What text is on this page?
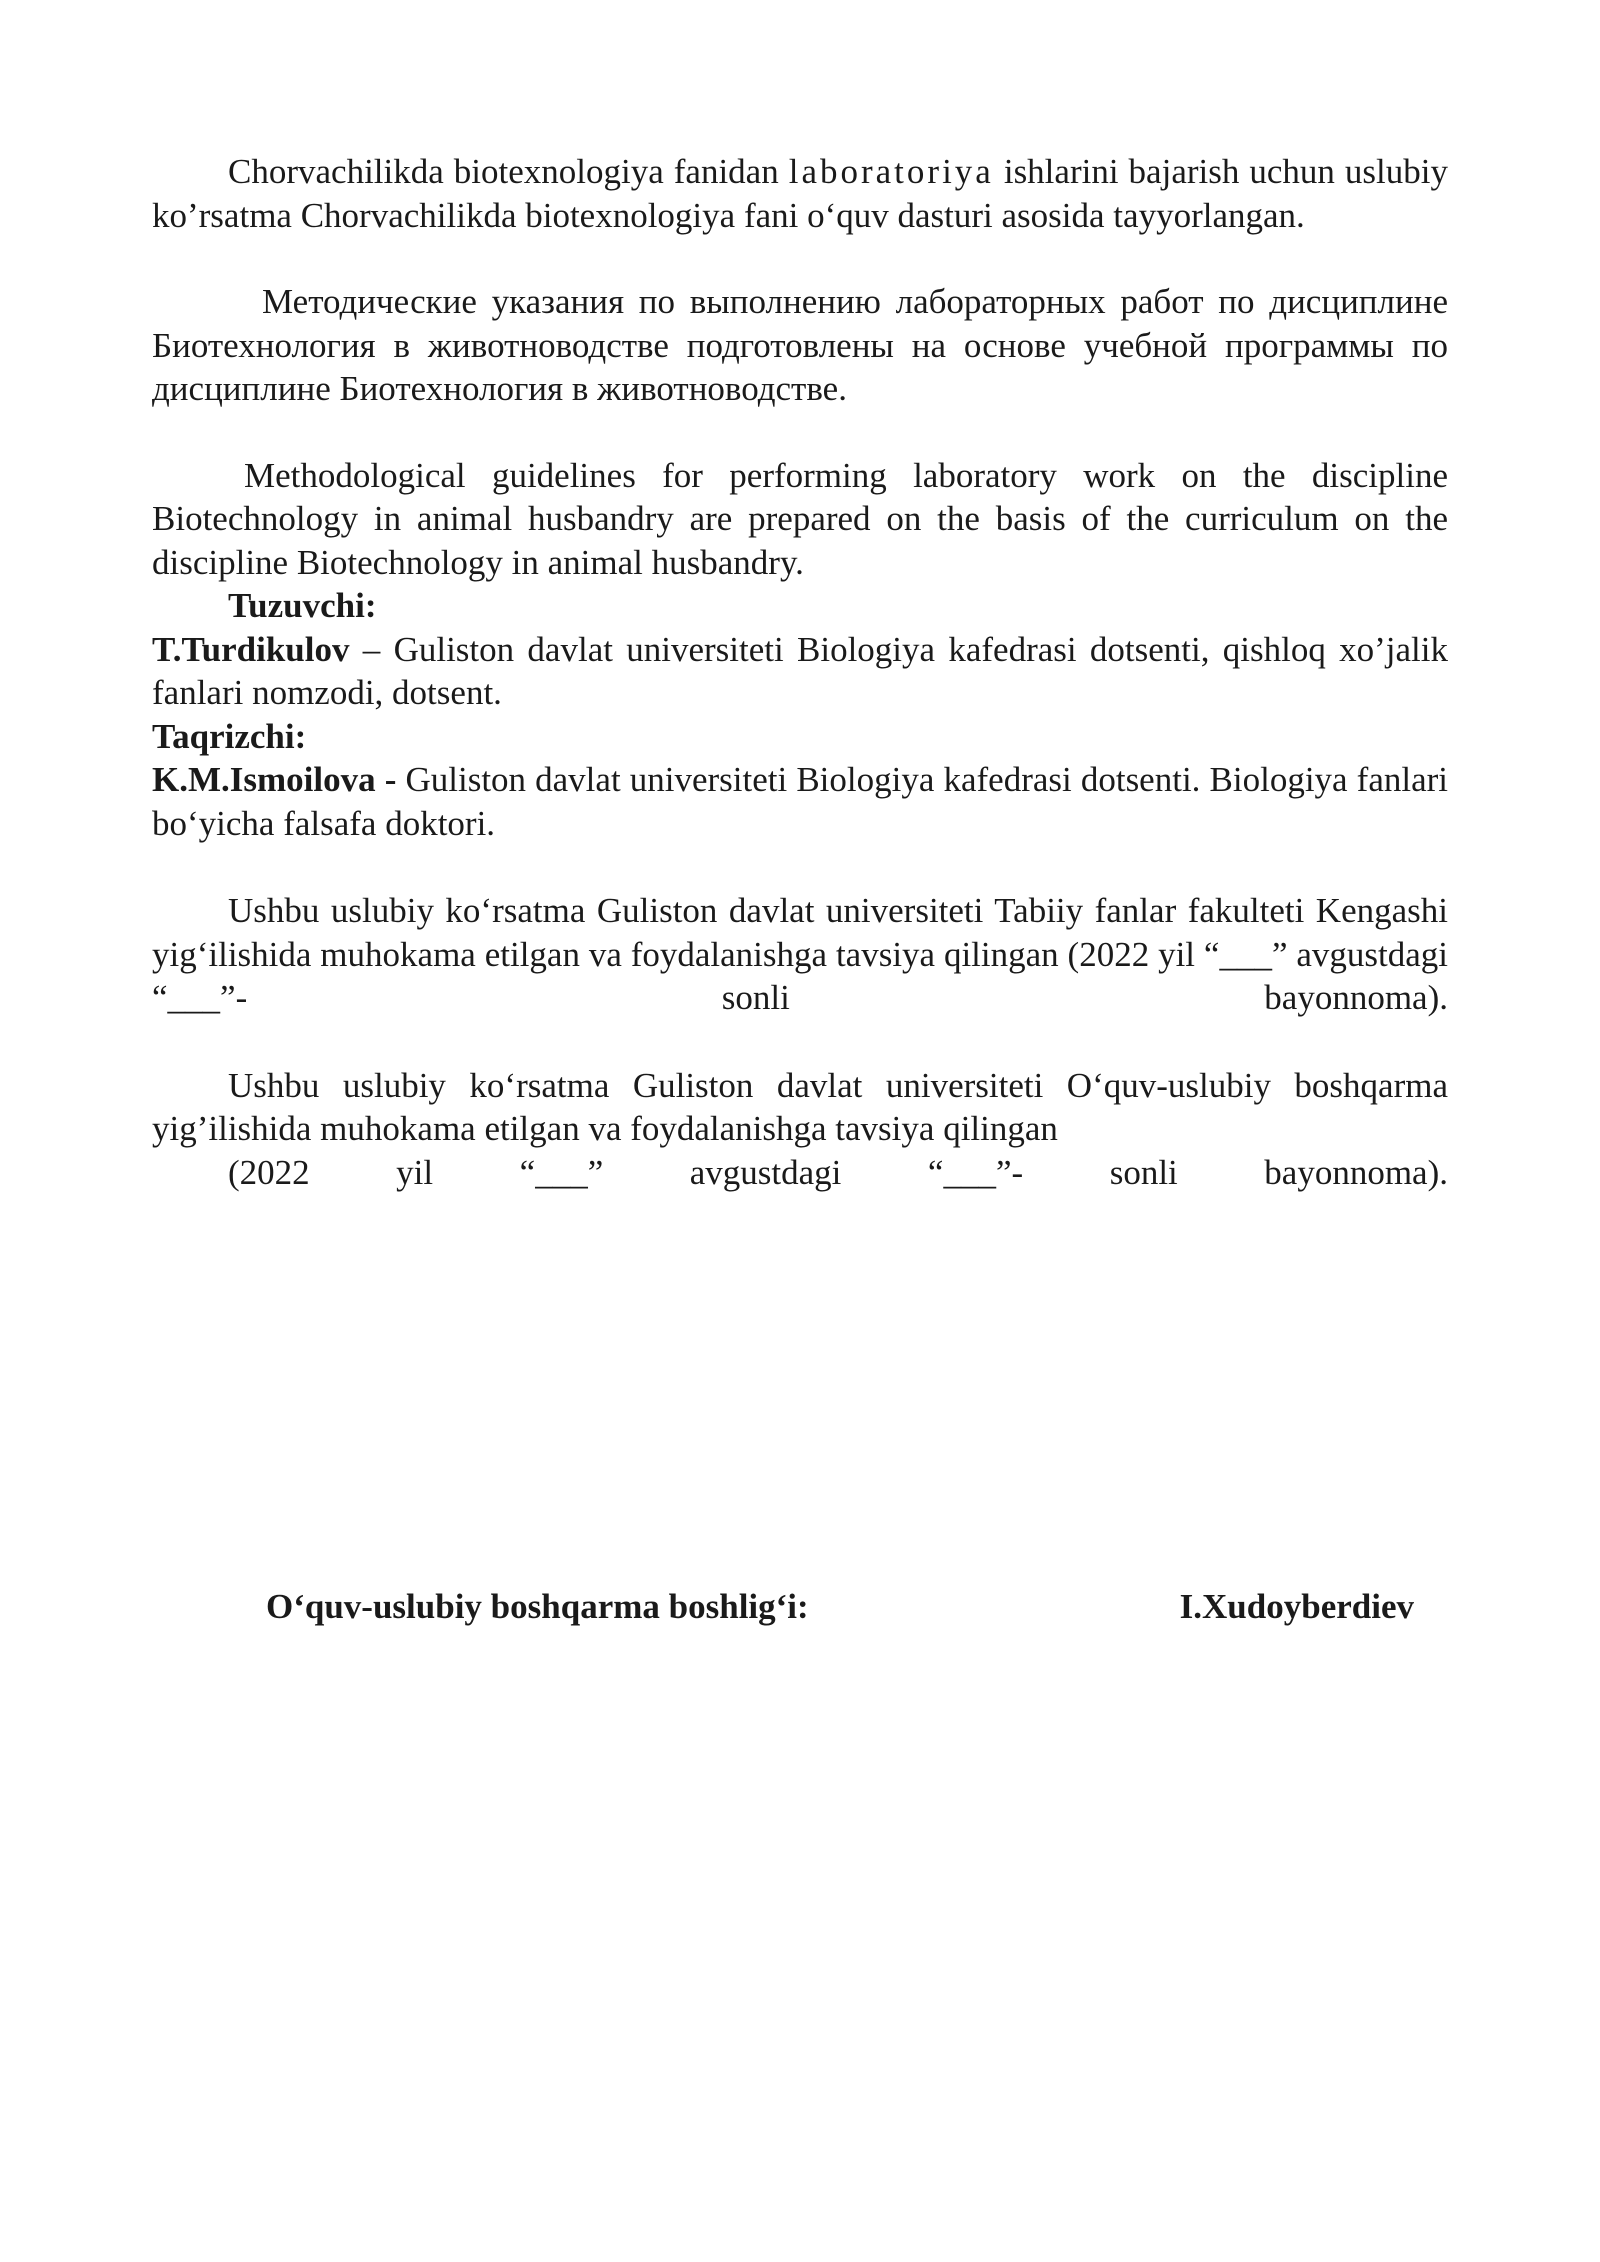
Chorvachilikda biotexnologiya fanidan laboratoriya ishlarini bajarish uchun uslubiy ko’rsatma Chorvachilikda biotexnologiya fani o‘quv dasturi asosida tayyorlangan.

Методические указания по выполнению лабораторных работ по дисциплине Биотехнология в животноводстве подготовлены на основе учебной программы по дисциплине Биотехнология в животноводстве.

Methodological guidelines for performing laboratory work on the discipline Biotechnology in animal husbandry are prepared on the basis of the curriculum on the discipline Biotechnology in animal husbandry.

Tuzuvchi:

T.Turdikulov – Guliston davlat universiteti Biologiya kafedrasi dotsenti, qishloq xo’jalik fanlari nomzodi, dotsent.

Taqrizchi:

K.M.Ismoilova - Guliston davlat universiteti Biologiya kafedrasi dotsenti. Biologiya fanlari bo‘yicha falsafa doktori.

Ushbu uslubiy ko‘rsatma Guliston davlat universiteti Tabiiy fanlar fakulteti Kengashi yig‘ilishida muhokama etilgan va foydalanishga tavsiya qilingan (2022 yil “___” avgustdagi “___”- sonli bayonnoma).

Ushbu uslubiy ko‘rsatma Guliston davlat universiteti O‘quv-uslubiy boshqarma yig’ilishida muhokama etilgan va foydalanishga tavsiya qilingan

(2022 yil “___” avgustdagi “___”- sonli bayonnoma).

O‘quv-uslubiy boshqarma boshlig‘i:	I.Xudoyberdiev
